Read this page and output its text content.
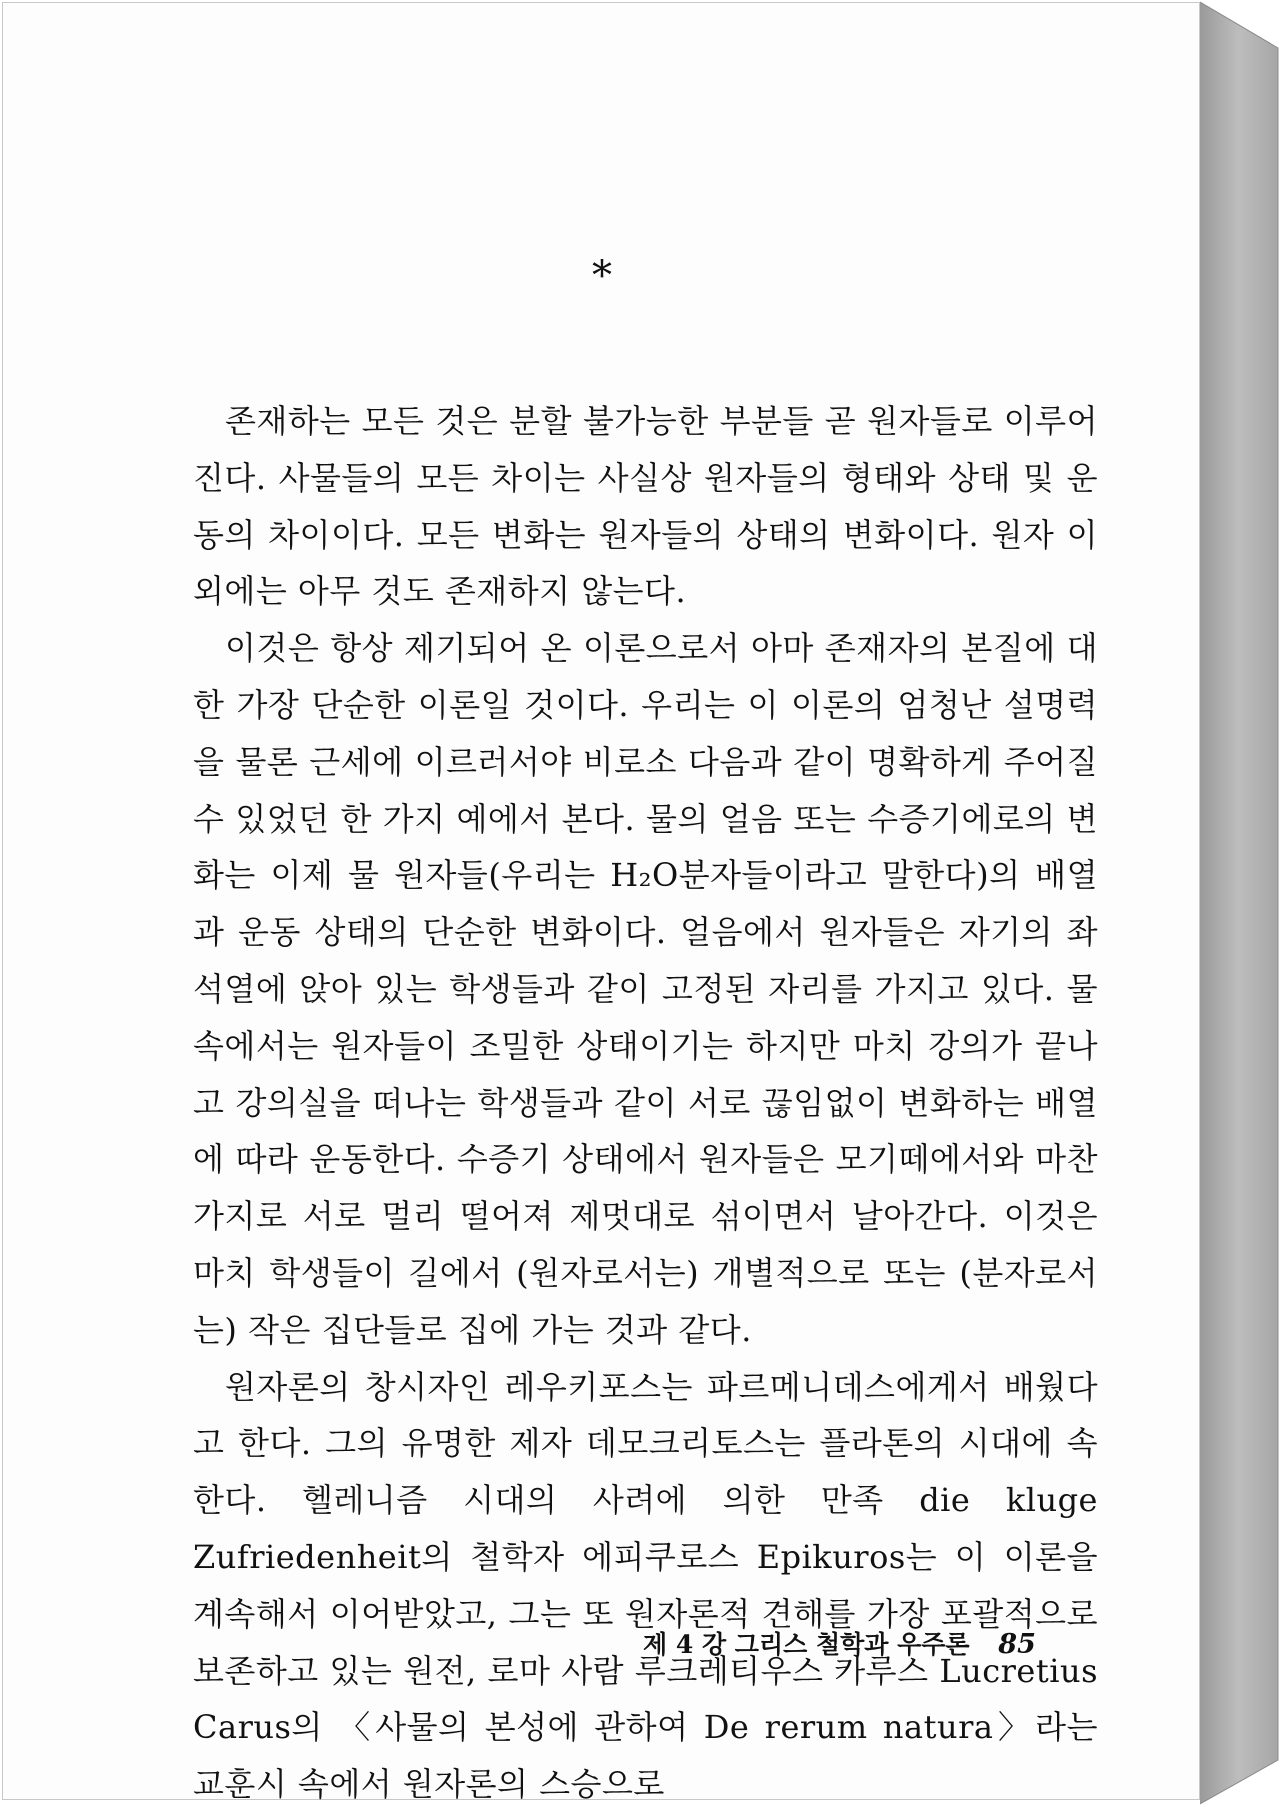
*

존재하는 모든 것은 분할 불가능한 부분들 곧 원자들로 이루어진다. 사물들의 모든 차이는 사실상 원자들의 형태와 상태 및 운동의 차이이다. 모든 변화는 원자들의 상태의 변화이다. 원자 이외에는 아무 것도 존재하지 않는다.

이것은 항상 제기되어 온 이론으로서 아마 존재자의 본질에 대한 가장 단순한 이론일 것이다. 우리는 이 이론의 엄청난 설명력을 물론 근세에 이르러서야 비로소 다음과 같이 명확하게 주어질 수 있었던 한 가지 예에서 본다. 물의 얼음 또는 수증기에로의 변화는 이제 물 원자들(우리는 H₂O분자들이라고 말한다)의 배열과 운동 상태의 단순한 변화이다. 얼음에서 원자들은 자기의 좌석열에 앉아 있는 학생들과 같이 고정된 자리를 가지고 있다. 물 속에서는 원자들이 조밀한 상태이기는 하지만 마치 강의가 끝나고 강의실을 떠나는 학생들과 같이 서로 끊임없이 변화하는 배열에 따라 운동한다. 수증기 상태에서 원자들은 모기떼에서와 마찬가지로 서로 멀리 떨어져 제멋대로 섞이면서 날아간다. 이것은 마치 학생들이 길에서 (원자로서는) 개별적으로 또는 (분자로서는) 작은 집단들로 집에 가는 것과 같다.

원자론의 창시자인 레우키포스는 파르메니데스에게서 배웠다고 한다. 그의 유명한 제자 데모크리토스는 플라톤의 시대에 속한다. 헬레니즘 시대의 사려에 의한 만족 die kluge Zufriedenheit의 철학자 에피쿠로스 Epikuros는 이 이론을 계속해서 이어받았고, 그는 또 원자론적 견해를 가장 포괄적으로 보존하고 있는 원전, 로마 사람 루크레티우스 카루스 Lucretius Carus의 〈사물의 본성에 관하여 De rerum natura〉라는 교훈시 속에서 원자론의 스승으로

제 4 강 그리스 철학과 우주론 85
